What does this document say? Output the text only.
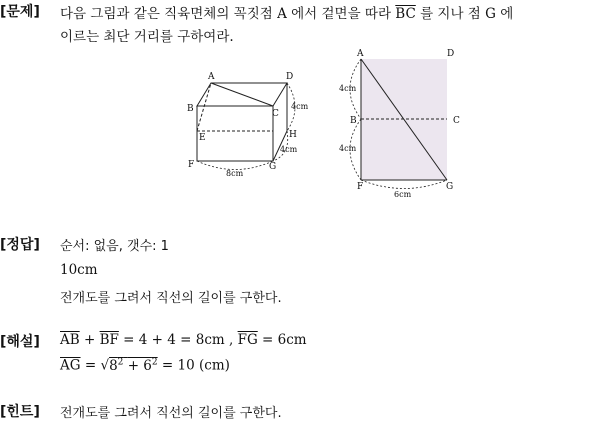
[문제] 다음 그림과 같은 직육면체의 꼭짓점 A 에서 겉면을 따라 $\overline{BC}$ 를 지나 점 G 에
이르는 최단 거리를 구하여라.
A	D
B	C
E	H
F	G
4cm
4cm
8cm
A	D
B	C
F	G
4cm
4cm
6cm
[정답] 순서: 없음, 갯수: 1
10cm
전개도를 그려서 직선의 길이를 구한다.
[해설] $\overline{AB} + \overline{BF} = 4 + 4 = 8cm$ , $\overline{FG} = 6cm$
$\overline{AG} = √8^2 + 6^2 = 10$ (cm)
[힌트] 전개도를 그려서 직선의 길이를 구한다.
